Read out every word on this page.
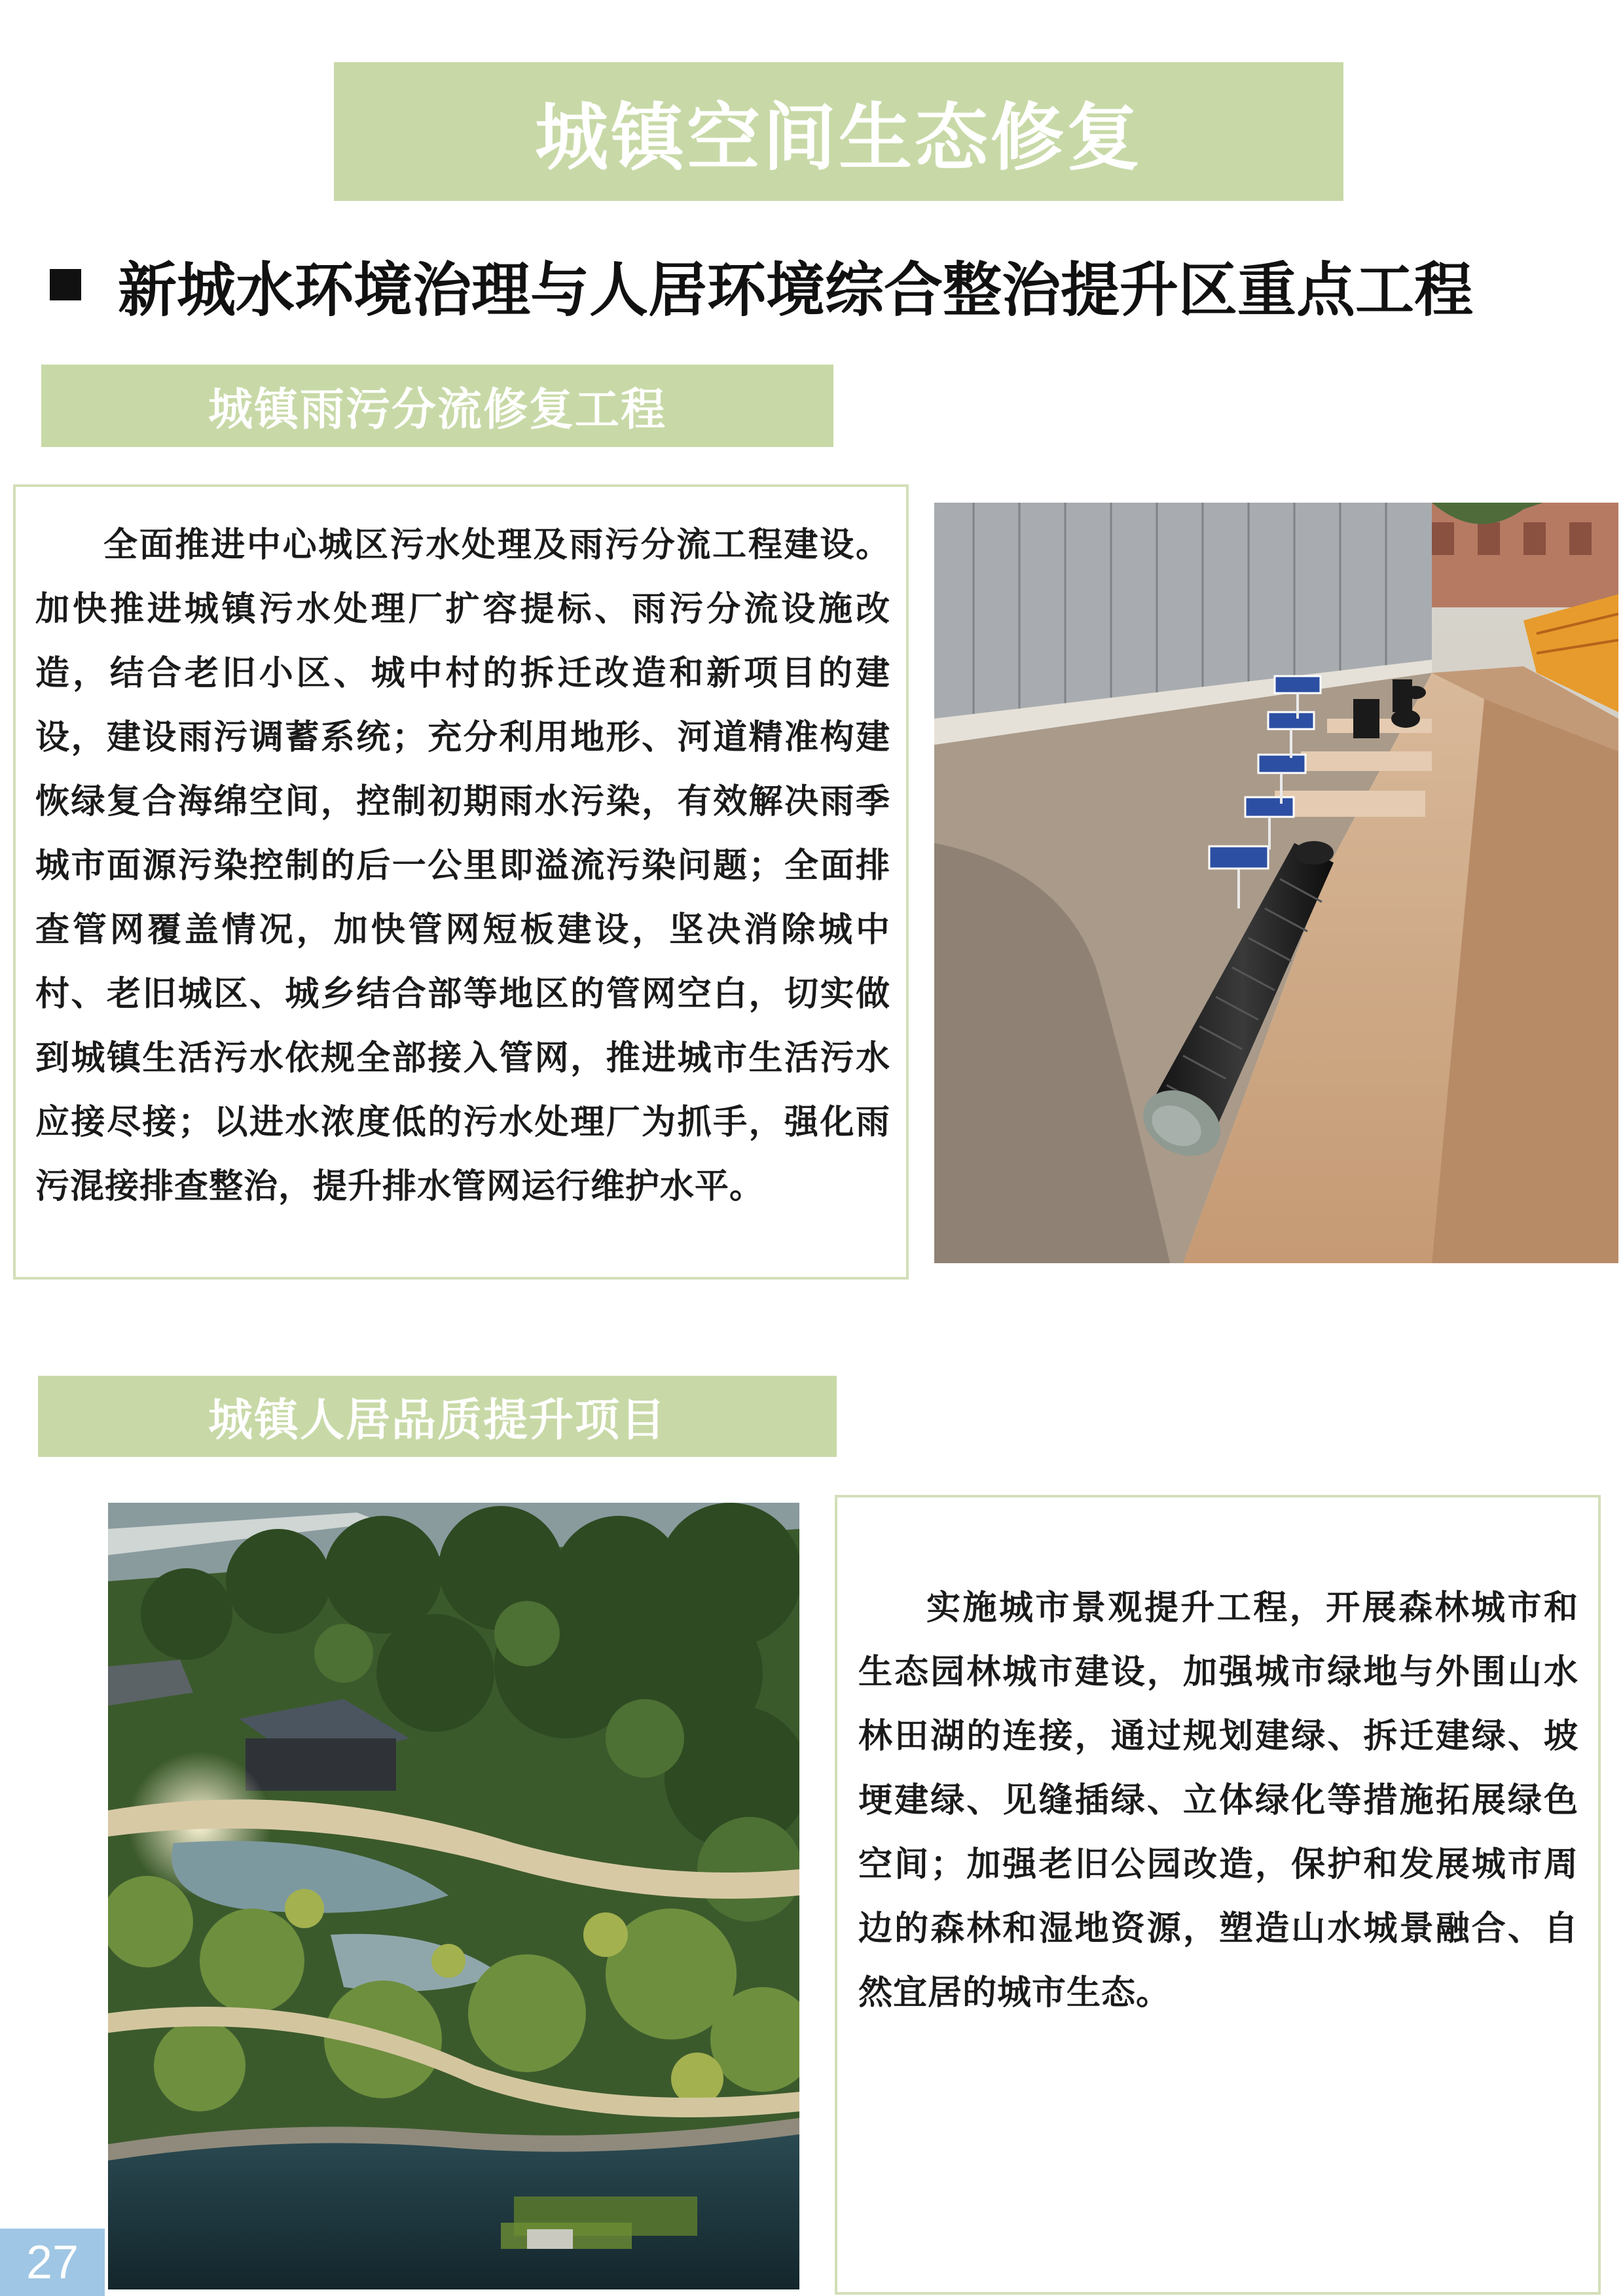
城镇空间生态修复
新城水环境治理与人居环境综合整治提升区重点工程
城镇雨污分流修复工程

全面推进中心城区污水处理及雨污分流工程建设。加快推进城镇污水处理厂扩容提标、雨污分流设施改造，结合老旧小区、城中村的拆迁改造和新项目的建设，建设雨污调蓄系统；充分利用地形、河道精准构建恢绿复合海绵空间，控制初期雨水污染，有效解决雨季城市面源污染控制的后一公里即溢流污染问题；全面排查管网覆盖情况，加快管网短板建设，坚决消除城中村、老旧城区、城乡结合部等地区的管网空白，切实做到城镇生活污水依规全部接入管网，推进城市生活污水应接尽接；以进水浓度低的污水处理厂为抓手，强化雨污混接排查整治，提升排水管网运行维护水平。

城镇人居品质提升项目

实施城市景观提升工程，开展森林城市和生态园林城市建设，加强城市绿地与外围山水林田湖的连接，通过规划建绿、拆迁建绿、坡埂建绿、见缝插绿、立体绿化等措施拓展绿色空间；加强老旧公园改造，保护和发展城市周边的森林和湿地资源，塑造山水城景融合、自然宜居的城市生态。

27
